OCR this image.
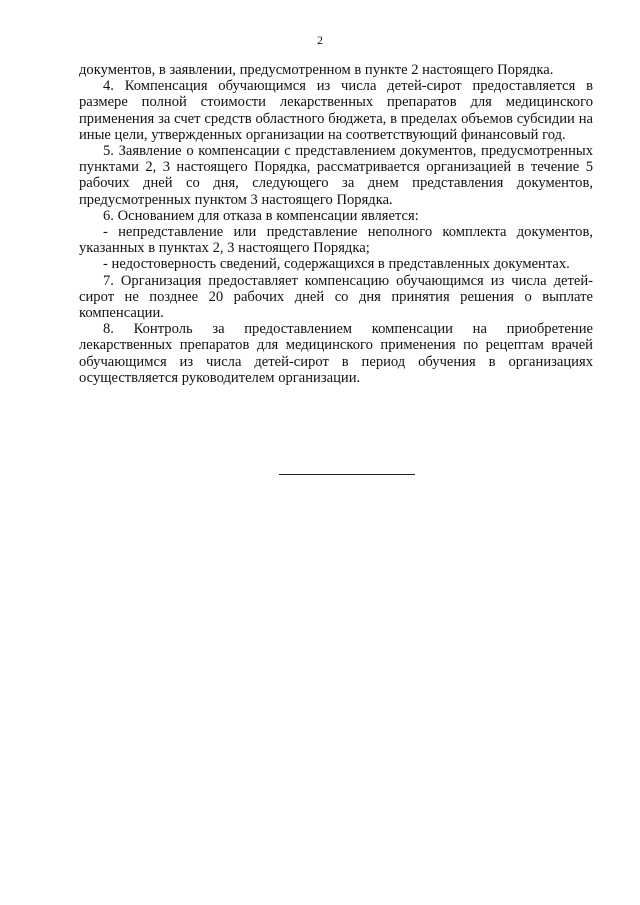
2

документов, в заявлении, предусмотренном в пункте 2 настоящего Порядка.

4. Компенсация обучающимся из числа детей-сирот предоставляется в размере полной стоимости лекарственных препаратов для медицинского применения за счет средств областного бюджета, в пределах объемов субсидии на иные цели, утвержденных организации на соответствующий финансовый год.

5. Заявление о компенсации с представлением документов, предусмотренных пунктами 2, 3 настоящего Порядка, рассматривается организацией в течение 5 рабочих дней со дня, следующего за днем представления документов, предусмотренных пунктом 3 настоящего Порядка.

6. Основанием для отказа в компенсации является:

- непредставление или представление неполного комплекта документов, указанных в пунктах 2, 3 настоящего Порядка;

- недостоверность сведений, содержащихся в представленных документах.

7. Организация предоставляет компенсацию обучающимся из числа детей-сирот не позднее 20 рабочих дней со дня принятия решения о выплате компенсации.

8. Контроль за предоставлением компенсации на приобретение лекарственных препаратов для медицинского применения по рецептам врачей обучающимся из числа детей-сирот в период обучения в организациях осуществляется руководителем организации.
